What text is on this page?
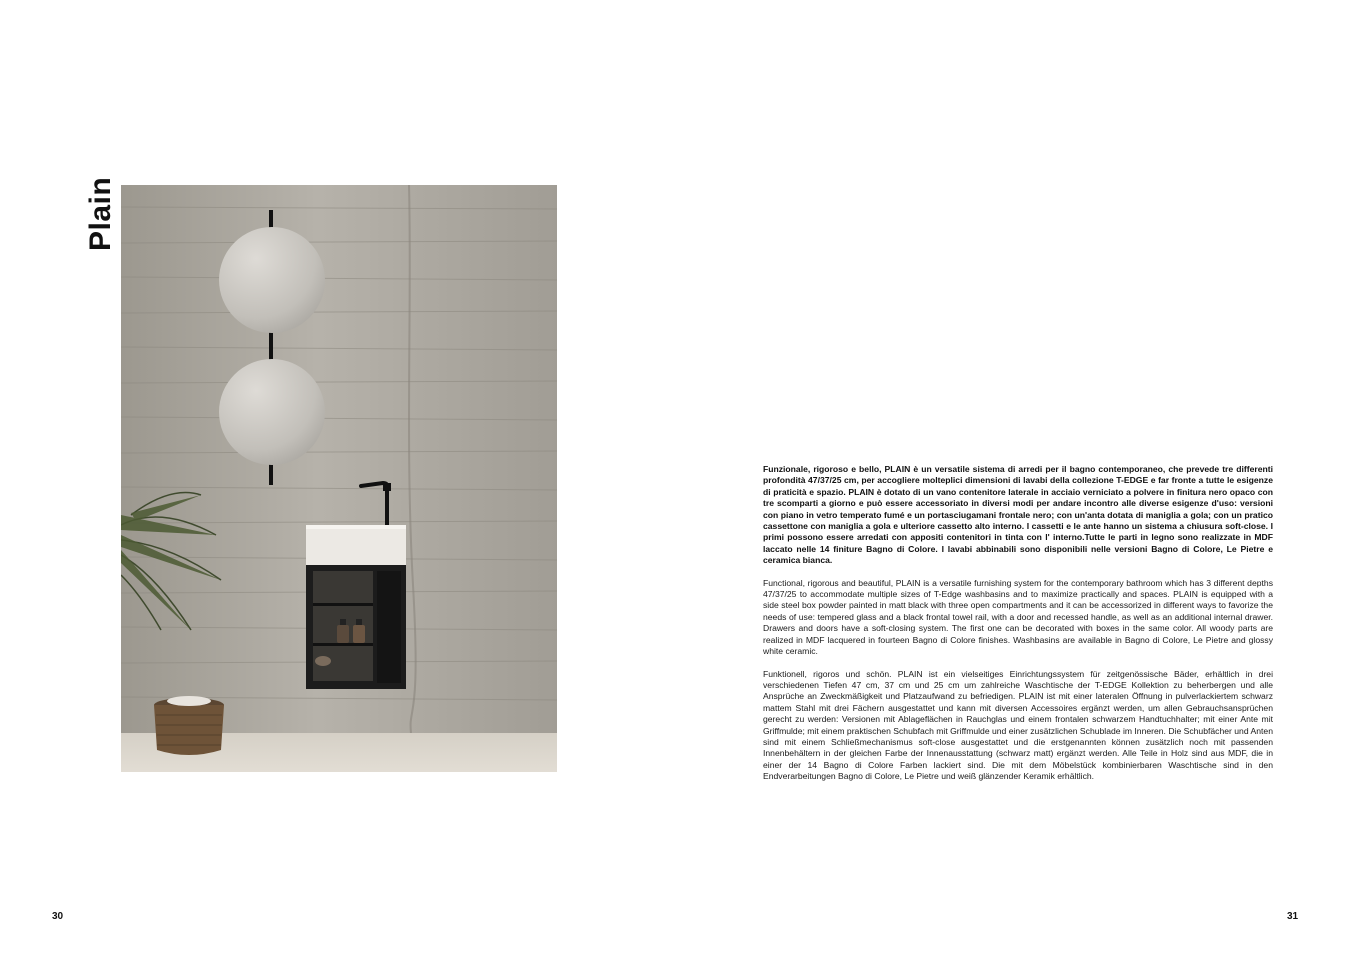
Plain
30

Funzionale, rigoroso e bello, PLAIN è un versatile sistema di arredi per il bagno contemporaneo, che prevede tre differenti profondità 47/37/25 cm, per accogliere molteplici dimensioni di lavabi della collezione T-EDGE e far fronte a tutte le esigenze di praticità e spazio. PLAIN è dotato di un vano contenitore laterale in acciaio verniciato a polvere in finitura nero opaco con tre scomparti a giorno e può essere accessoriato in diversi modi per andare incontro alle diverse esigenze d'uso: versioni con piano in vetro temperato fumé e un portasciugamani frontale nero; con un'anta dotata di maniglia a gola; con un pratico cassettone con maniglia a gola e ulteriore cassetto alto interno. I cassetti e le ante hanno un sistema a chiusura soft-close. I primi possono essere arredati con appositi contenitori in tinta con l' interno.Tutte le parti in legno sono realizzate in MDF laccato nelle 14 finiture Bagno di Colore. I lavabi abbinabili sono disponibili nelle versioni Bagno di Colore, Le Pietre e ceramica bianca.

Functional, rigorous and beautiful, PLAIN is a versatile furnishing system for the contemporary bathroom which has 3 different depths 47/37/25 to accommodate multiple sizes of T-Edge washbasins and to maximize practically and spaces. PLAIN is equipped with a side steel box powder painted in matt black with three open compartments and it can be accessorized in different ways to favorize the needs of use: tempered glass and a black frontal towel rail, with a door and recessed handle, as well as an additional internal drawer. Drawers and doors have a soft-closing system. The first one can be decorated with boxes in the same color. All woody parts are realized in MDF lacquered in fourteen Bagno di Colore finishes. Washbasins are available in Bagno di Colore, Le Pietre and glossy white ceramic.

Funktionell, rigoros und schön. PLAIN ist ein vielseitiges Einrichtungssystem für zeitgenössische Bäder, erhältlich in drei verschiedenen Tiefen 47 cm, 37 cm und 25 cm um zahlreiche Waschtische der T-EDGE Kollektion zu beherbergen und alle Ansprüche an Zweckmäßigkeit und Platzaufwand zu befriedigen. PLAIN ist mit einer lateralen Öffnung in pulverlackiertem schwarz mattem Stahl mit drei Fächern ausgestattet und kann mit diversen Accessoires ergänzt werden, um allen Gebrauchsansprüchen gerecht zu werden: Versionen mit Ablageflächen in Rauchglas und einem frontalen schwarzem Handtuchhalter; mit einer Ante mit Griffmulde; mit einem praktischen Schubfach mit Griffmulde und einer zusätzlichen Schublade im Inneren. Die Schubfächer und Anten sind mit einem Schließmechanismus soft-close ausgestattet und die erstgenannten können zusätzlich noch mit passenden Innenbehältern in der gleichen Farbe der Innenausstattung (schwarz matt) ergänzt werden. Alle Teile in Holz sind aus MDF, die in einer der 14 Bagno di Colore Farben lackiert sind. Die mit dem Möbelstück kombinierbaren Waschtische sind in den Endverarbeitungen Bagno di Colore, Le Pietre und weiß glänzender Keramik erhältlich.

31
